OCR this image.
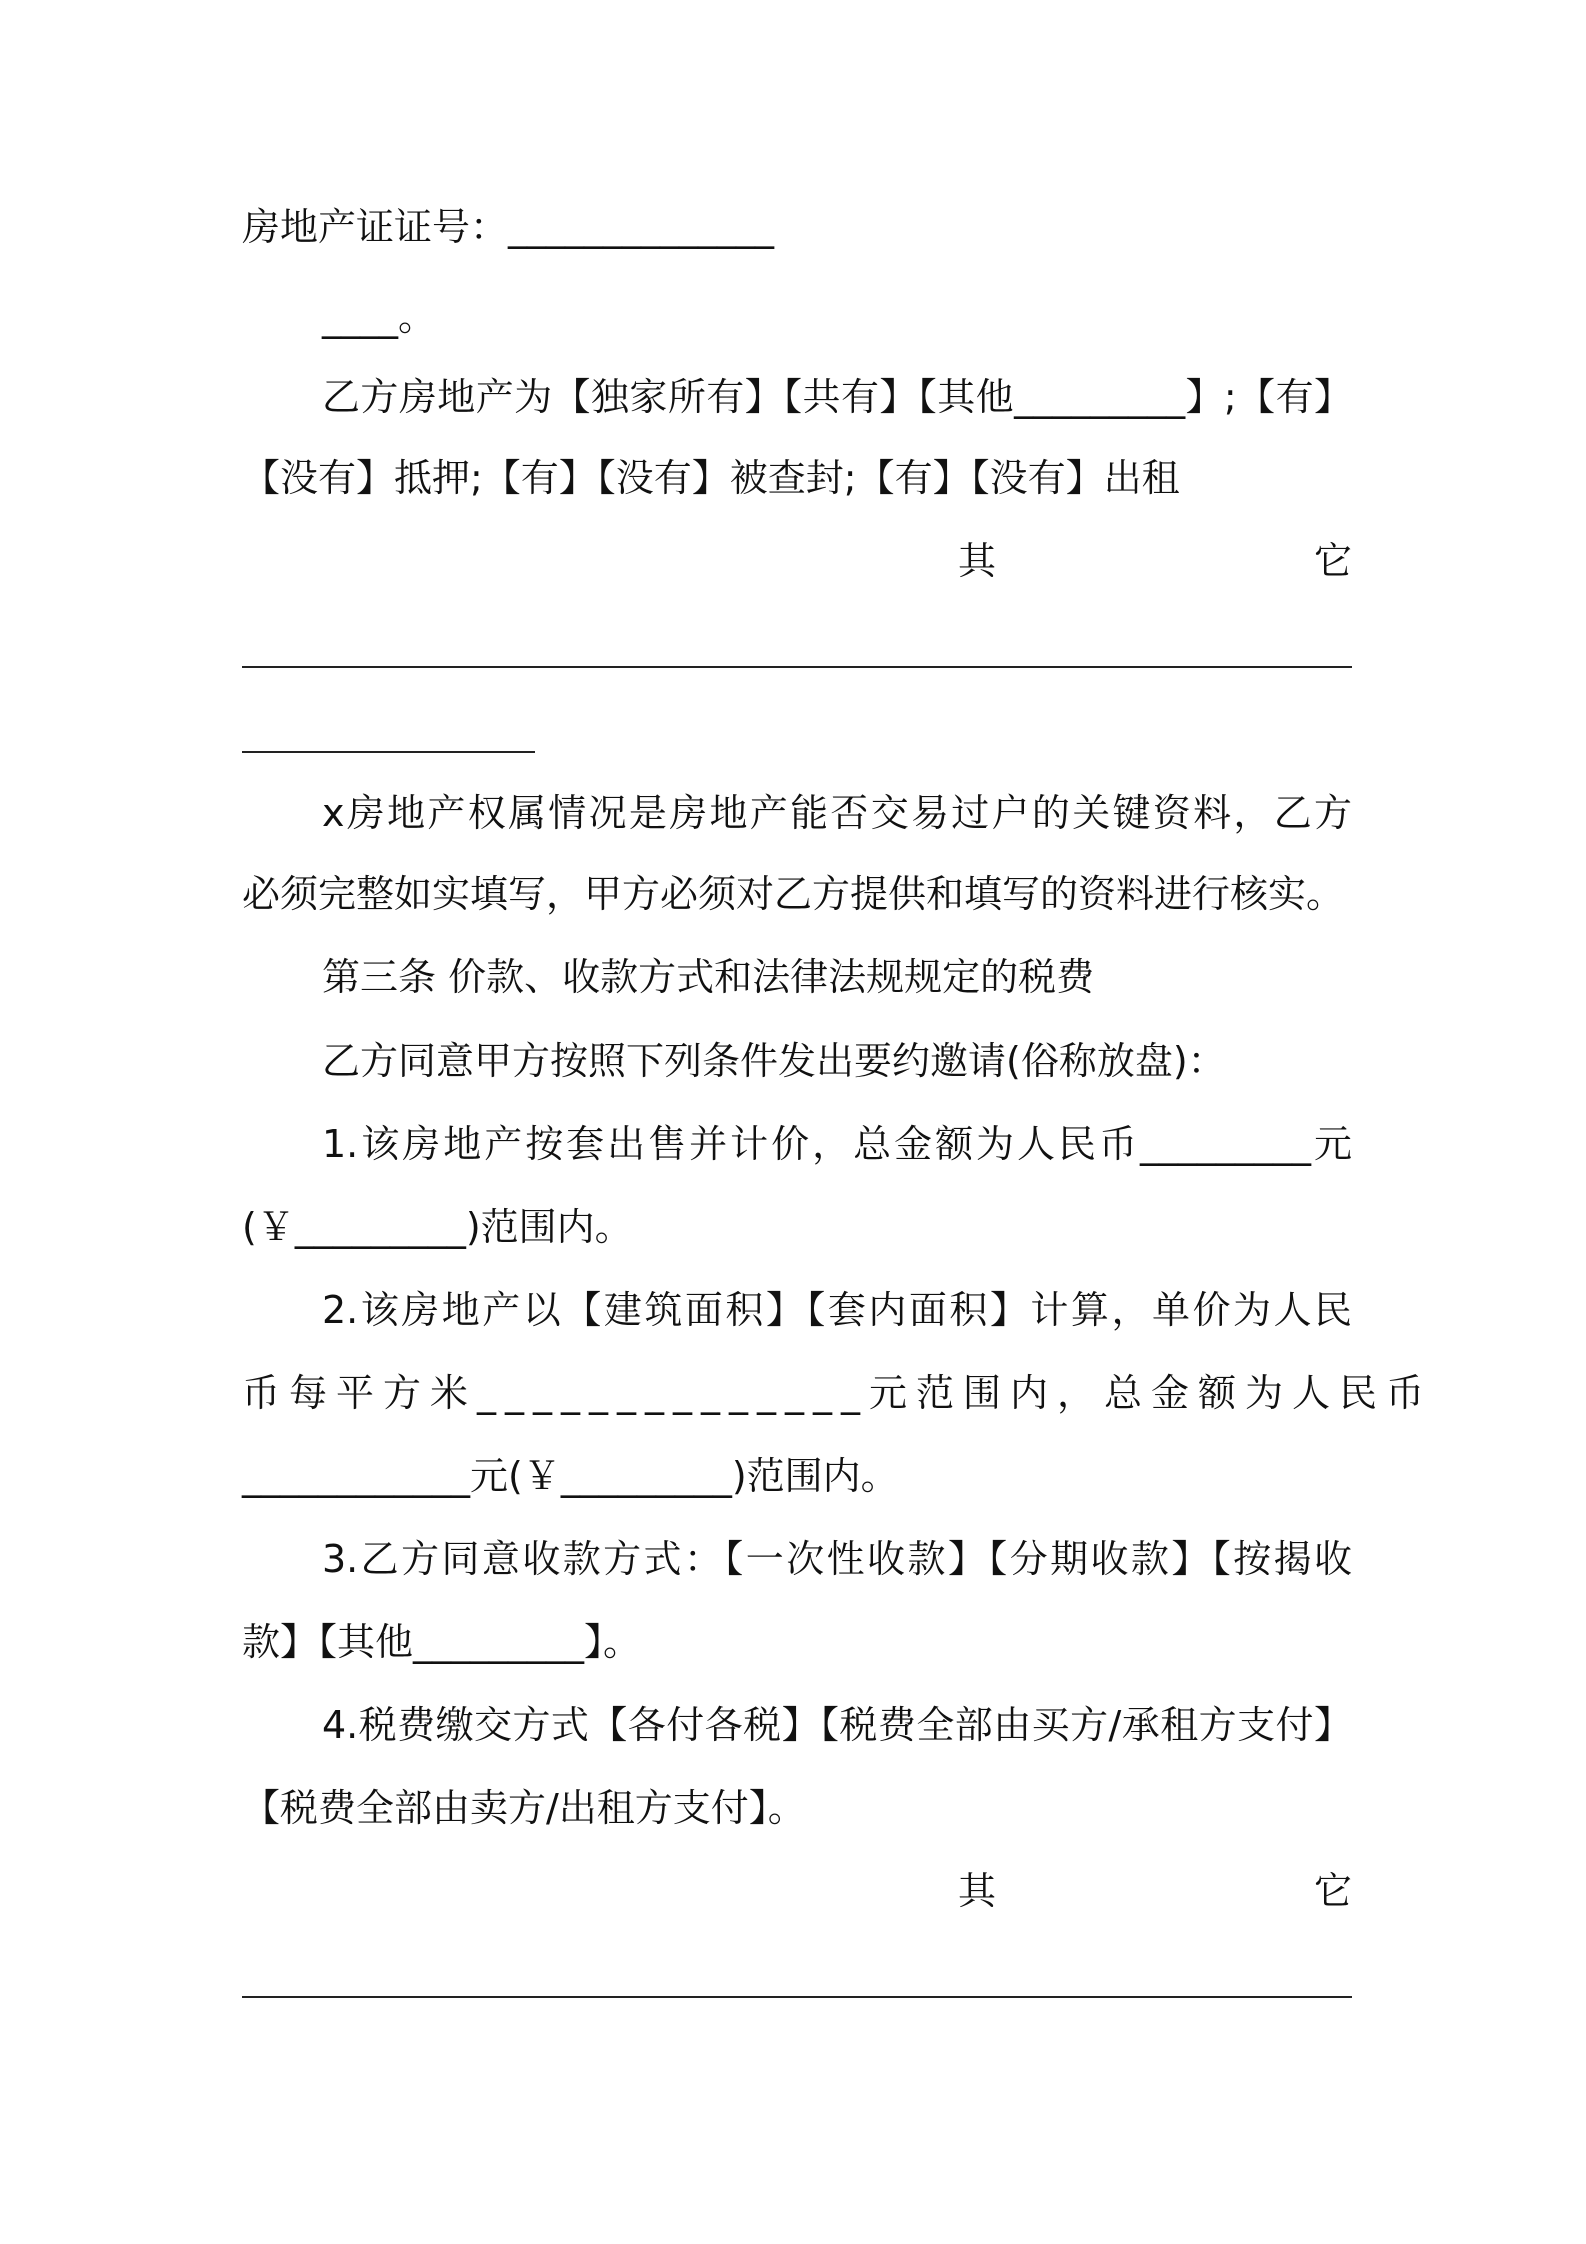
房地产证证号：______________
____。
乙方房地产为【独家所有】【共有】【其他_________】;【有】
【没有】抵押;【有】【没有】被查封;【有】【没有】出租
其	它
x房地产权属情况是房地产能否交易过户的关键资料，乙方
必须完整如实填写，甲方必须对乙方提供和填写的资料进行核实。
第三条 价款、收款方式和法律法规规定的税费
乙方同意甲方按照下列条件发出要约邀请(俗称放盘)：
1.该房地产按套出售并计价，总金额为人民币_________元
(￥_________)范围内。
2.该房地产以【建筑面积】【套内面积】计算，单价为人民
币每平方米______________元范围内，总金额为人民币
____________元(￥_________)范围内。
3.乙方同意收款方式：【一次性收款】【分期收款】【按揭收
款】【其他_________】。
4.税费缴交方式【各付各税】【税费全部由买方/承租方支付】
【税费全部由卖方/出租方支付】。
其	它
